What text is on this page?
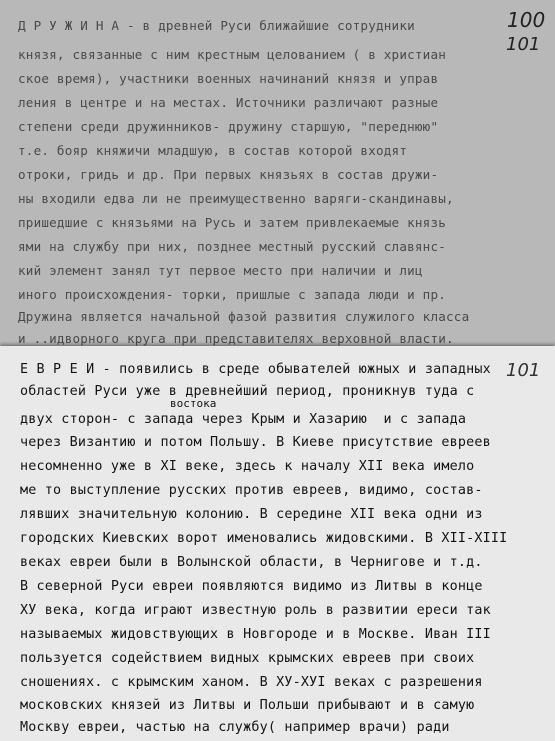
100
101
Д Р У Ж И Н А - в древней Руси ближайшие сотрудники
князя, связанные с ним крестным целованием ( в христиан
ское время), участники военных начинаний князя и управ
ления в центре и на местах. Источники различают разные
степени среди дружинников- дружину старшую, "переднюю"
т.е. бояр княжичи младшую, в состав которой входят
отроки, гридь и др. При первых князьях в состав дружи-
ны входили едва ли не преимущественно варяги-скандинавы,
пришедшие с князьями на Русь и затем привлекаемые князь
ями на службу при них, позднее местный русский славянс-
кий элемент занял тут первое место при наличии и лиц
иного происхождения- торки, пришлые с запада люди и пр.
Дружина является начальной фазой развития служилого класса
и ..идворного круга при представителях верховной власти.
101
востока
Е В Р Е И - появились в среде обывателей южных и западных
областей Руси уже в древнейший период, проникнув туда с
двух сторон- с запада через Крым и Хазарию  и с запада
через Византию и потом Польшу. В Киеве присутствие евреев
несомненно уже в XI веке, здесь к началу XII века имело
ме то выступление русских против евреев, видимо, состав-
лявших значительную колонию. В середине XII века одни из
городских Киевских ворот именовались жидовскими. В XII-XIII
веках евреи были в Волынской области, в Чернигове и т.д.
В северной Руси евреи появляются видимо из Литвы в конце
XУ века, когда играют известную роль в развитии ереси так
называемых жидовствующих в Новгороде и в Москве. Иван III
пользуется содействием видных крымских евреев при своих
сношениях. с крымским ханом. В XУ-XУI веках с разрешения
московских князей из Литвы и Польши прибывают и в самую
Москву евреи, частью на службу( например врачи) ради
